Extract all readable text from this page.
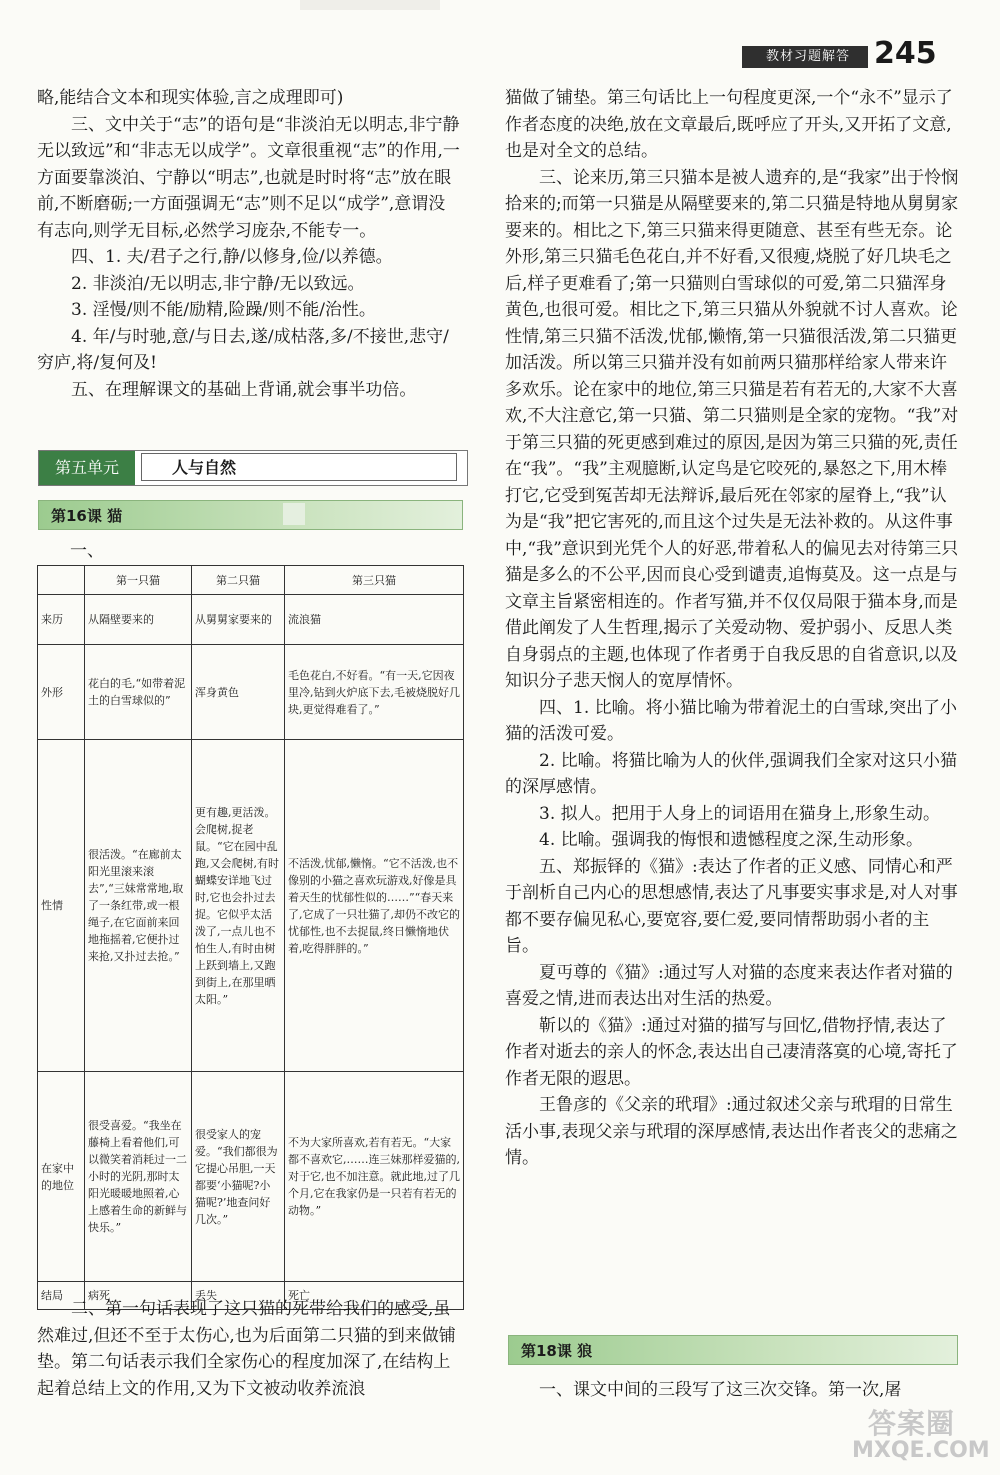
教材习题解答 245

略,能结合文本和现实体验,言之成理即可)

三、文中关于“志”的语句是“非淡泊无以明志,非宁静无以致远”和“非志无以成学”。文章很重视“志”的作用,一方面要靠淡泊、宁静以“明志”,也就是时时将“志”放在眼前,不断磨砺;一方面强调无“志”则不足以“成学”,意谓没有志向,则学无目标,必然学习庞杂,不能专一。

四、1. 夫/君子之行,静/以修身,俭/以养德。

2. 非淡泊/无以明志,非宁静/无以致远。

3. 淫慢/则不能/励精,险躁/则不能/治性。

4. 年/与时驰,意/与日去,遂/成枯落,多/不接世,悲守/穷庐,将/复何及!

五、在理解课文的基础上背诵,就会事半功倍。

第五单元	人与自然
第16课 猫
一、
	第一只猫	第二只猫	第三只猫
来历	从隔壁要来的	从舅舅家要来的	流浪猫
外形	花白的毛,“如带着泥土的白雪球似的”	浑身黄色	毛色花白,不好看。“有一天,它因夜里冷,钻到火炉底下去,毛被烧脱好几块,更觉得难看了。”
性情	很活泼。“在廊前太阳光里滚来滚去”,“三妹常常地,取了一条红带,或一根绳子,在它面前来回地拖摇着,它便扑过来抢,又扑过去抢。”	更有趣,更活泼。会爬树,捉老鼠。“它在园中乱跑,又会爬树,有时蝴蝶安详地飞过时,它也会扑过去捉。它似乎太活泼了,一点儿也不怕生人,有时由树上跃到墙上,又跑到街上,在那里晒太阳。”	不活泼,忧郁,懒惰。“它不活泼,也不像别的小猫之喜欢玩游戏,好像是具着天生的忧郁性似的……”“春天来了,它成了一只壮猫了,却仍不改它的忧郁性,也不去捉鼠,终日懒惰地伏着,吃得胖胖的。”
在家中的地位	很受喜爱。“我坐在藤椅上看着他们,可以微笑着消耗过一二小时的光阴,那时太阳光暖暖地照着,心上感着生命的新鲜与快乐。”	很受家人的宠爱。“我们都很为它提心吊胆,一天都要‘小猫呢?小猫呢?’地查问好几次。”	不为大家所喜欢,若有若无。“大家都不喜欢它,……连三妹那样爱猫的,对于它,也不加注意。就此地,过了几个月,它在我家仍是一只若有若无的动物。”
结局	病死	丢失	死亡
二、第一句话表现了这只猫的死带给我们的感受,虽然难过,但还不至于太伤心,也为后面第二只猫的到来做铺垫。第二句话表示我们全家伤心的程度加深了,在结构上起着总结上文的作用,又为下文被动收养流浪

猫做了铺垫。第三句话比上一句程度更深,一个“永不”显示了作者态度的决绝,放在文章最后,既呼应了开头,又开拓了文意,也是对全文的总结。

三、论来历,第三只猫本是被人遗弃的,是“我家”出于怜悯拾来的;而第一只猫是从隔壁要来的,第二只猫是特地从舅舅家要来的。相比之下,第三只猫来得更随意、甚至有些无奈。论外形,第三只猫毛色花白,并不好看,又很瘦,烧脱了好几块毛之后,样子更难看了;第一只猫则白雪球似的可爱,第二只猫浑身黄色,也很可爱。相比之下,第三只猫从外貌就不讨人喜欢。论性情,第三只猫不活泼,忧郁,懒惰,第一只猫很活泼,第二只猫更加活泼。所以第三只猫并没有如前两只猫那样给家人带来许多欢乐。论在家中的地位,第三只猫是若有若无的,大家不大喜欢,不大注意它,第一只猫、第二只猫则是全家的宠物。“我”对于第三只猫的死更感到难过的原因,是因为第三只猫的死,责任在“我”。“我”主观臆断,认定鸟是它咬死的,暴怒之下,用木棒打它,它受到冤苦却无法辩诉,最后死在邻家的屋脊上,“我”认为是“我”把它害死的,而且这个过失是无法补救的。从这件事中,“我”意识到光凭个人的好恶,带着私人的偏见去对待第三只猫是多么的不公平,因而良心受到谴责,追悔莫及。这一点是与文章主旨紧密相连的。作者写猫,并不仅仅局限于猫本身,而是借此阐发了人生哲理,揭示了关爱动物、爱护弱小、反思人类自身弱点的主题,也体现了作者勇于自我反思的自省意识,以及知识分子悲天悯人的宽厚情怀。

四、1. 比喻。将小猫比喻为带着泥土的白雪球,突出了小猫的活泼可爱。

2. 比喻。将猫比喻为人的伙伴,强调我们全家对这只小猫的深厚感情。

3. 拟人。把用于人身上的词语用在猫身上,形象生动。

4. 比喻。强调我的悔恨和遗憾程度之深,生动形象。

五、郑振铎的《猫》:表达了作者的正义感、同情心和严于剖析自己内心的思想感情,表达了凡事要实事求是,对人对事都不要存偏见私心,要宽容,要仁爱,要同情帮助弱小者的主旨。

夏丏尊的《猫》:通过写人对猫的态度来表达作者对猫的喜爱之情,进而表达出对生活的热爱。

靳以的《猫》:通过对猫的描写与回忆,借物抒情,表达了作者对逝去的亲人的怀念,表达出自己凄清落寞的心境,寄托了作者无限的遐思。

王鲁彦的《父亲的玳瑁》:通过叙述父亲与玳瑁的日常生活小事,表现父亲与玳瑁的深厚感情,表达出作者丧父的悲痛之情。

第18课 狼
一、课文中间的三段写了这三次交锋。第一次,屠
答案圈
MXQE.COM
